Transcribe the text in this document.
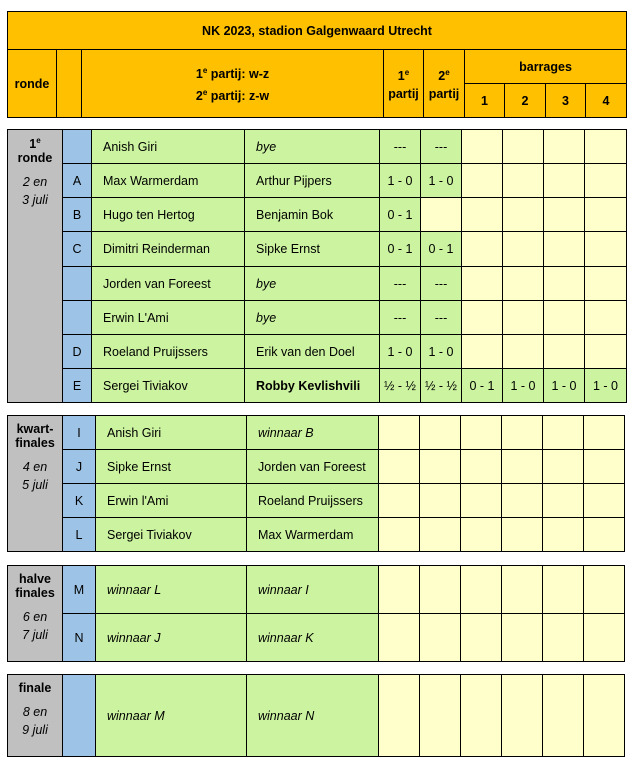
NK 2023, stadion Galgenwaard Utrecht								
ronde		1e partij: w-z
2e partij: z-w	1e
partij	2e
partij	barrages			
					1	2	3	4
1e
ronde
2 en 3 juli		Anish Giri	bye	---	---				
	A	Max Warmerdam	Arthur Pijpers	1 - 0	1 - 0				
	B	Hugo ten Hertog	Benjamin Bok	0 - 1					
	C	Dimitri Reinderman	Sipke Ernst	0 - 1	0 - 1				
		Jorden van Foreest	bye	---	---				
		Erwin L'Ami	bye	---	---				
	D	Roeland Pruijssers	Erik van den Doel	1 - 0	1 - 0				
	E	Sergei Tiviakov	Robby Kevlishvili	½ - ½	½ - ½	0 - 1	1 - 0	1 - 0	1 - 0
kwart-
finales
4 en 5 juli	I	Anish Giri	winnaar B						
	J	Sipke Ernst	Jorden van Foreest						
	K	Erwin l'Ami	Roeland Pruijssers						
	L	Sergei Tiviakov	Max Warmerdam						
halve
finales
6 en 7 juli	M	winnaar L	winnaar I						
	N	winnaar J	winnaar K						
finale
8 en 9 juli
		winnaar M	winnaar N						
